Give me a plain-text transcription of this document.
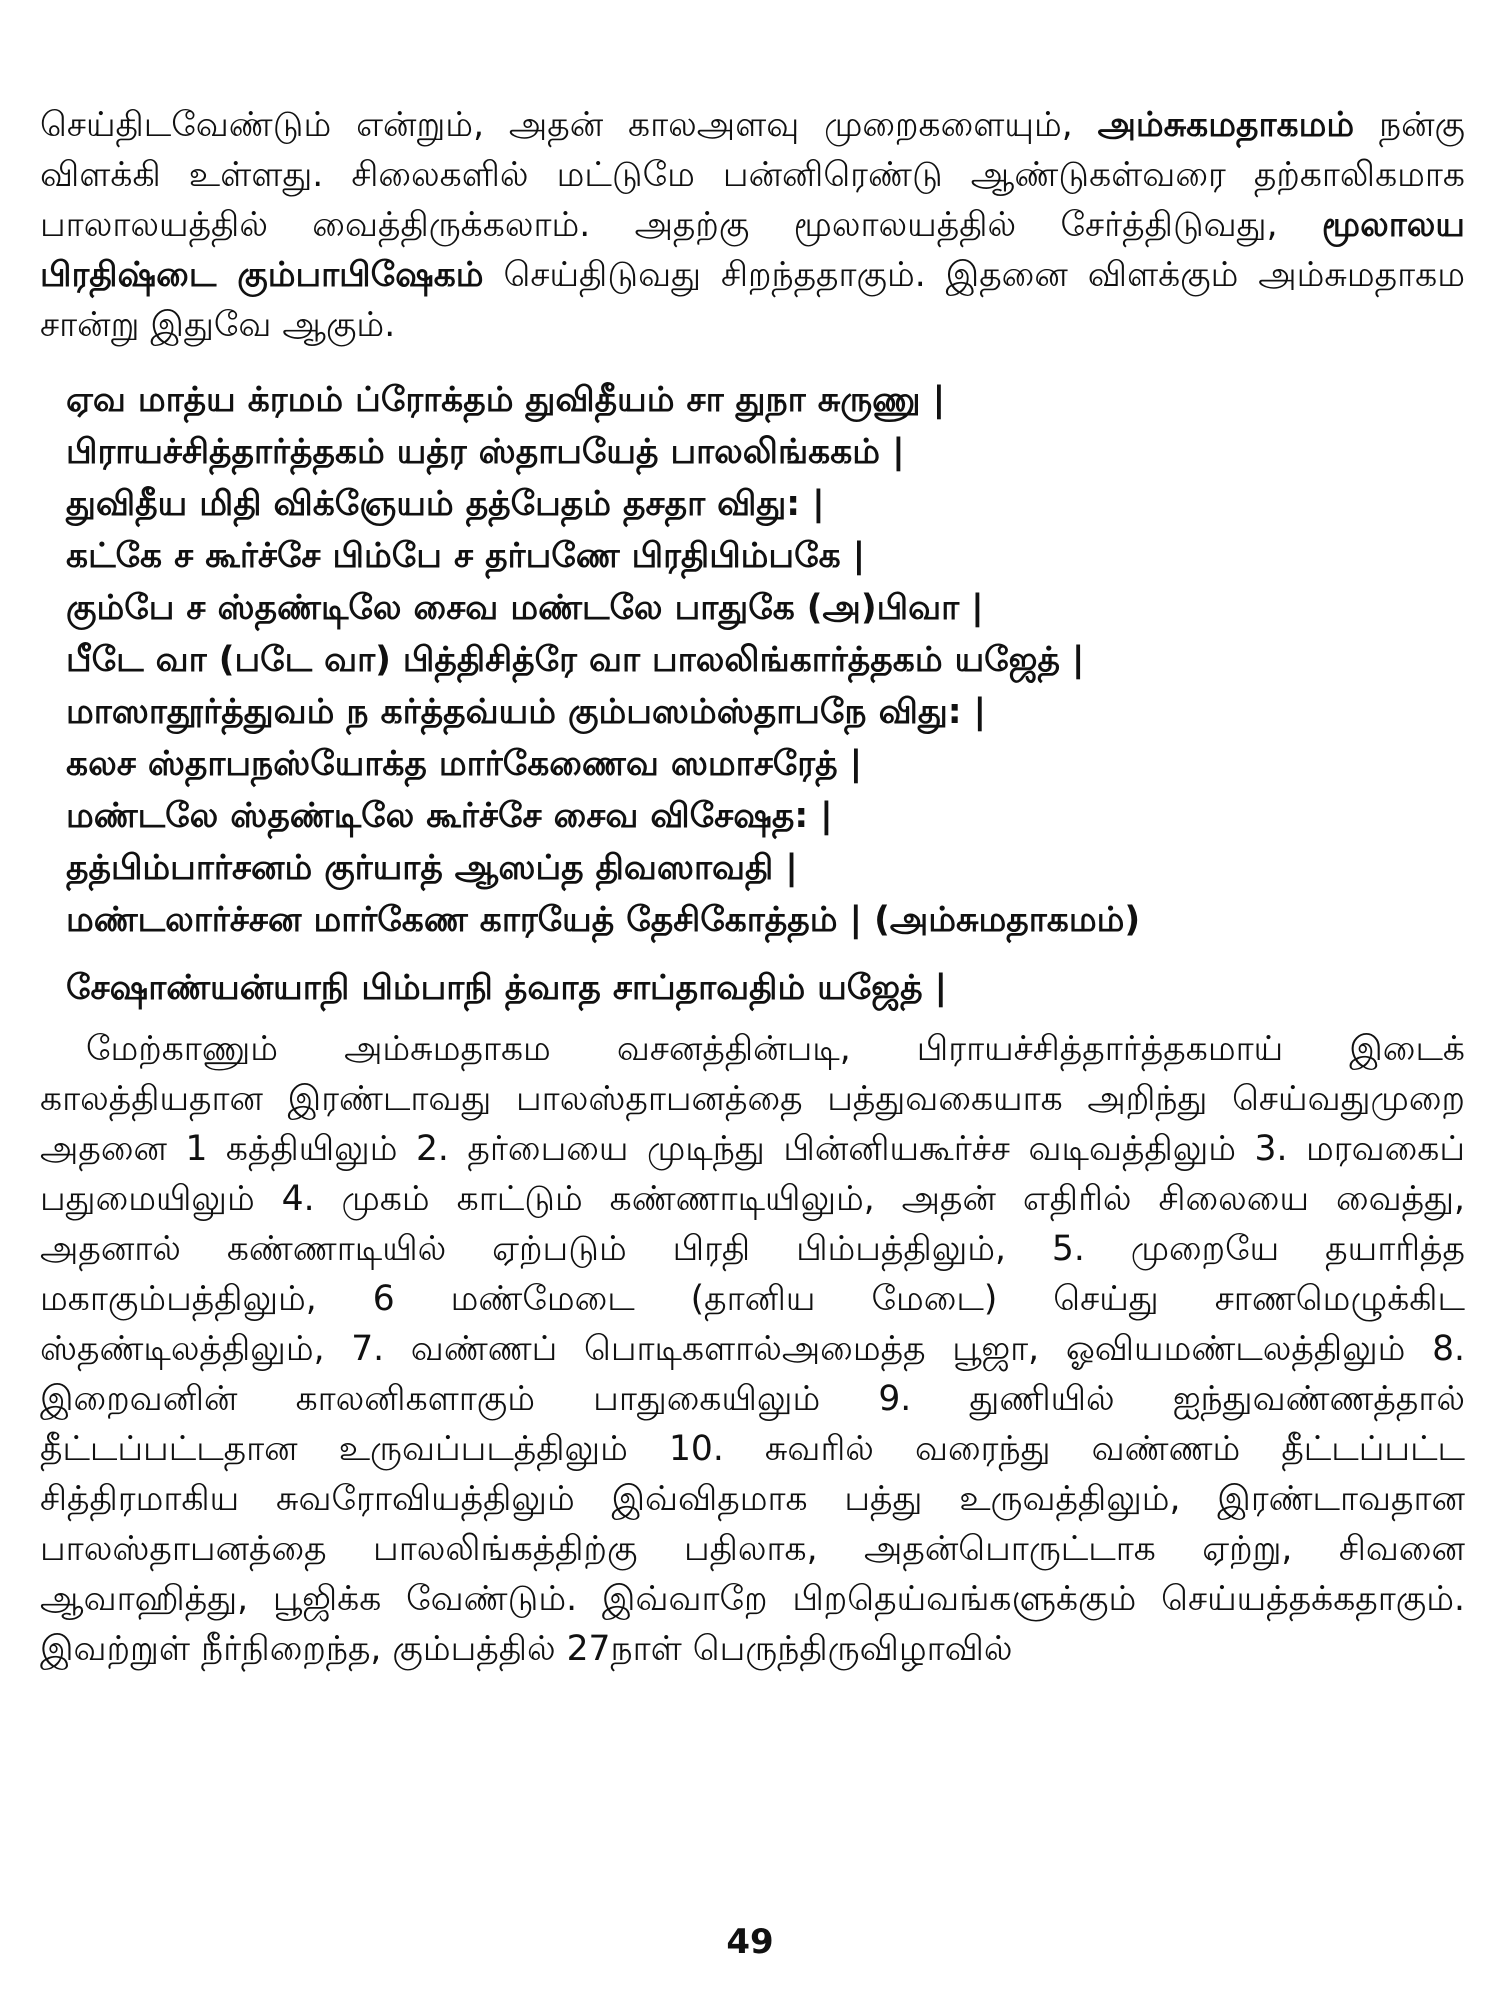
செய்திடவேண்டும் என்றும், அதன் காலஅளவு முறைகளையும், அம்சுகமதாகமம் நன்கு விளக்கி உள்ளது. சிலைகளில் மட்டுமே பன்னிரெண்டு ஆண்டுகள்வரை தற்காலிகமாக பாலாலயத்தில் வைத்திருக்கலாம். அதற்கு மூலாலயத்தில் சேர்த்திடுவது, மூலாலய பிரதிஷ்டை கும்பாபிஷேகம் செய்திடுவது சிறந்ததாகும். இதனை விளக்கும் அம்சுமதாகம சான்று இதுவே ஆகும்.

ஏவ மாத்ய க்ரமம் ப்ரோக்தம் துவிதீயம் சா துநா சுருணு |

பிராயச்சித்தார்த்தகம் யத்ர ஸ்தாபயேத் பாலலிங்ககம் |

துவிதீய மிதி விக்ஞேயம் தத்பேதம் தசதா விது: |

கட்கே ச கூர்ச்சே பிம்பே ச தர்பணே பிரதிபிம்பகே |

கும்பே ச ஸ்தண்டிலே சைவ மண்டலே பாதுகே (அ)பிவா |

பீடே வா (படே வா) பித்திசித்ரே வா பாலலிங்கார்த்தகம் யஜேத் |

மாஸாதூர்த்துவம் ந கர்த்தவ்யம் கும்பஸம்ஸ்தாபநே விது: |

கலச ஸ்தாபநஸ்யோக்த மார்கேணைவ ஸமாசரேத் |

மண்டலே ஸ்தண்டிலே கூர்ச்சே சைவ விசேஷத: |

தத்பிம்பார்சனம் குர்யாத் ஆஸப்த திவஸாவதி |

மண்டலார்ச்சன மார்கேண காரயேத் தேசிகோத்தம் | (அம்சுமதாகமம்)

சேஷாண்யன்யாநி பிம்பாநி த்வாத சாப்தாவதிம் யஜேத் |

மேற்காணும் அம்சுமதாகம வசனத்தின்படி, பிராயச்சித்தார்த்தகமாய் இடைக் காலத்தியதான இரண்டாவது பாலஸ்தாபனத்தை பத்துவகையாக அறிந்து செய்வதுமுறை அதனை 1 கத்தியிலும் 2. தர்பையை முடிந்து பின்னியகூர்ச்ச வடிவத்திலும் 3. மரவகைப் பதுமையிலும் 4. முகம் காட்டும் கண்ணாடியிலும், அதன் எதிரில் சிலையை வைத்து, அதனால் கண்ணாடியில் ஏற்படும் பிரதி பிம்பத்திலும், 5. முறையே தயாரித்த மகாகும்பத்திலும், 6 மண்மேடை (தானிய மேடை) செய்து சாணமெழுக்கிட ஸ்தண்டிலத்திலும், 7. வண்ணப் பொடிகளால்அமைத்த பூஜா, ஓவியமண்டலத்திலும் 8. இறைவனின் காலனிகளாகும் பாதுகையிலும் 9. துணியில் ஐந்துவண்ணத்தால் தீட்டப்பட்டதான உருவப்படத்திலும் 10. சுவரில் வரைந்து வண்ணம் தீட்டப்பட்ட சித்திரமாகிய சுவரோவியத்திலும் இவ்விதமாக பத்து உருவத்திலும், இரண்டாவதான பாலஸ்தாபனத்தை பாலலிங்கத்திற்கு பதிலாக, அதன்பொருட்டாக ஏற்று, சிவனை ஆவாஹித்து, பூஜிக்க வேண்டும். இவ்வாறே பிறதெய்வங்களுக்கும் செய்யத்தக்கதாகும். இவற்றுள் நீர்நிறைந்த, கும்பத்தில் 27நாள் பெருந்திருவிழாவில்

49
